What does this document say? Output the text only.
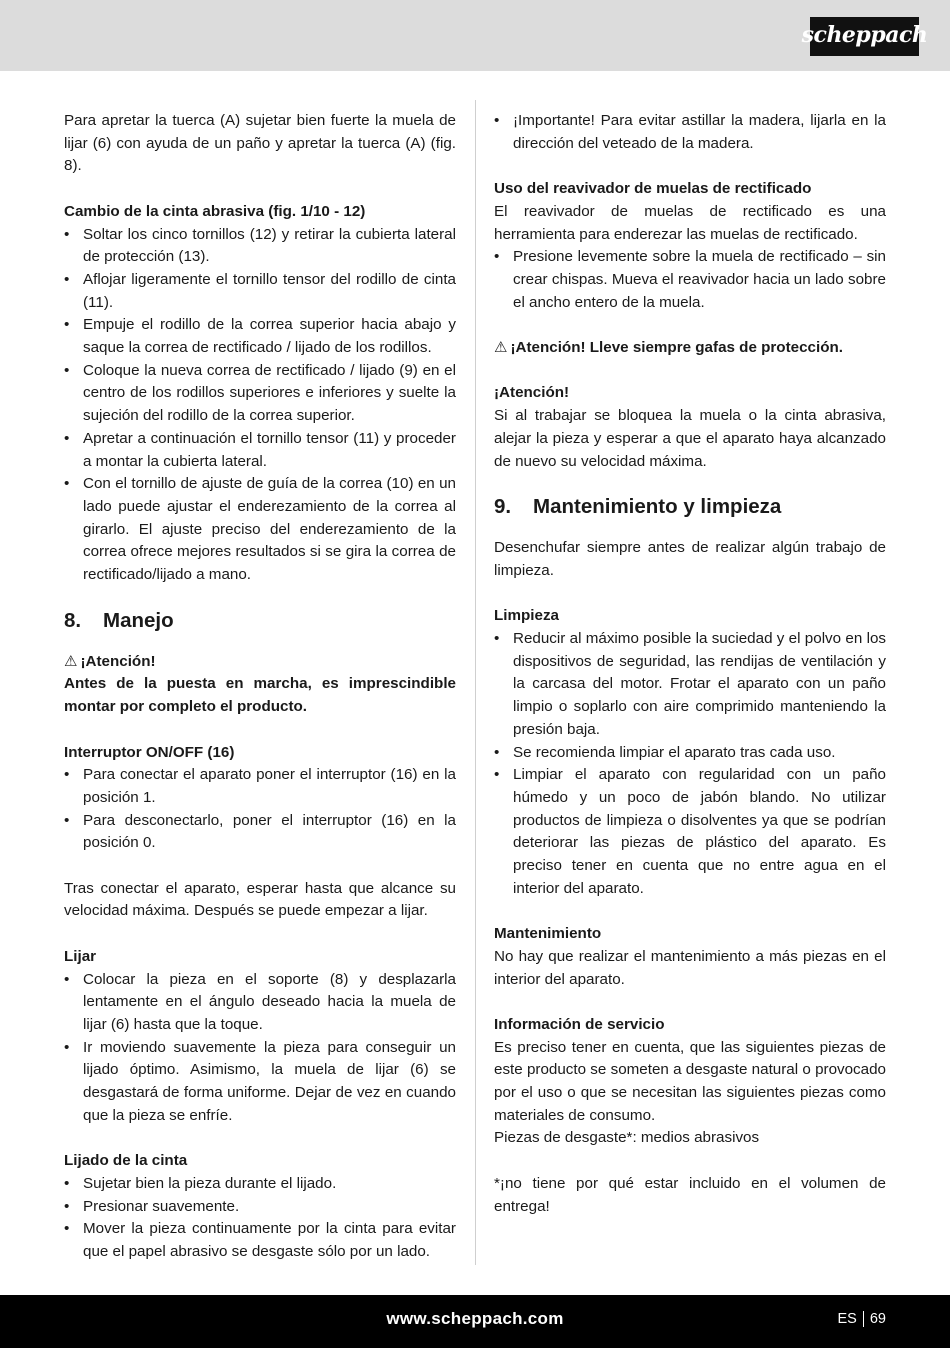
scheppach

Para apretar la tuerca (A) sujetar bien fuerte la muela de lijar (6) con ayuda de un paño y apretar la tuerca (A) (fig. 8).

Cambio de la cinta abrasiva (fig. 1/10 - 12)

• Soltar los cinco tornillos (12) y retirar la cubierta lateral de protección (13).
• Aflojar ligeramente el tornillo tensor del rodillo de cinta (11).
• Empuje el rodillo de la correa superior hacia abajo y saque la correa de rectificado / lijado de los rodillos.
• Coloque la nueva correa de rectificado / lijado (9) en el centro de los rodillos superiores e inferiores y suelte la sujeción del rodillo de la correa superior.
• Apretar a continuación el tornillo tensor (11) y proceder a montar la cubierta lateral.
• Con el tornillo de ajuste de guía de la correa (10) en un lado puede ajustar el enderezamiento de la correa al girarlo. El ajuste preciso del enderezamiento de la correa ofrece mejores resultados si se gira la correa de rectificado/lijado a mano.
8. Manejo

⚠ ¡Atención!

Antes de la puesta en marcha, es imprescindible montar por completo el producto.

Interruptor ON/OFF (16)

• Para conectar el aparato poner el interruptor (16) en la posición 1.
• Para desconectarlo, poner el interruptor (16) en la posición 0.

Tras conectar el aparato, esperar hasta que alcance su velocidad máxima. Después se puede empezar a lijar.

Lijar

• Colocar la pieza en el soporte (8) y desplazarla lentamente en el ángulo deseado hacia la muela de lijar (6) hasta que la toque.
• Ir moviendo suavemente la pieza para conseguir un lijado óptimo. Asimismo, la muela de lijar (6) se desgastará de forma uniforme. Dejar de vez en cuando que la pieza se enfríe.

Lijado de la cinta

• Sujetar bien la pieza durante el lijado.
• Presionar suavemente.
• Mover la pieza continuamente por la cinta para evitar que el papel abrasivo se desgaste sólo por un lado.
• ¡Importante! Para evitar astillar la madera, lijarla en la dirección del veteado de la madera.

Uso del reavivador de muelas de rectificado

El reavivador de muelas de rectificado es una herramienta para enderezar las muelas de rectificado.

• Presione levemente sobre la muela de rectificado – sin crear chispas. Mueva el reavivador hacia un lado sobre el ancho entero de la muela.

⚠ ¡Atención! Lleve siempre gafas de protección.

¡Atención!

Si al trabajar se bloquea la muela o la cinta abrasiva, alejar la pieza y esperar a que el aparato haya alcanzado de nuevo su velocidad máxima.

9. Mantenimiento y limpieza

Desenchufar siempre antes de realizar algún trabajo de limpieza.

Limpieza

• Reducir al máximo posible la suciedad y el polvo en los dispositivos de seguridad, las rendijas de ventilación y la carcasa del motor. Frotar el aparato con un paño limpio o soplarlo con aire comprimido manteniendo la presión baja.
• Se recomienda limpiar el aparato tras cada uso.
• Limpiar el aparato con regularidad con un paño húmedo y un poco de jabón blando. No utilizar productos de limpieza o disolventes ya que se podrían deteriorar las piezas de plástico del aparato. Es preciso tener en cuenta que no entre agua en el interior del aparato.

Mantenimiento

No hay que realizar el mantenimiento a más piezas en el interior del aparato.

Información de servicio

Es preciso tener en cuenta, que las siguientes piezas de este producto se someten a desgaste natural o provocado por el uso o que se necesitan las siguientes piezas como materiales de consumo.

Piezas de desgaste*: medios abrasivos

*¡no tiene por qué estar incluido en el volumen de entrega!

www.scheppach.com	ES 69
